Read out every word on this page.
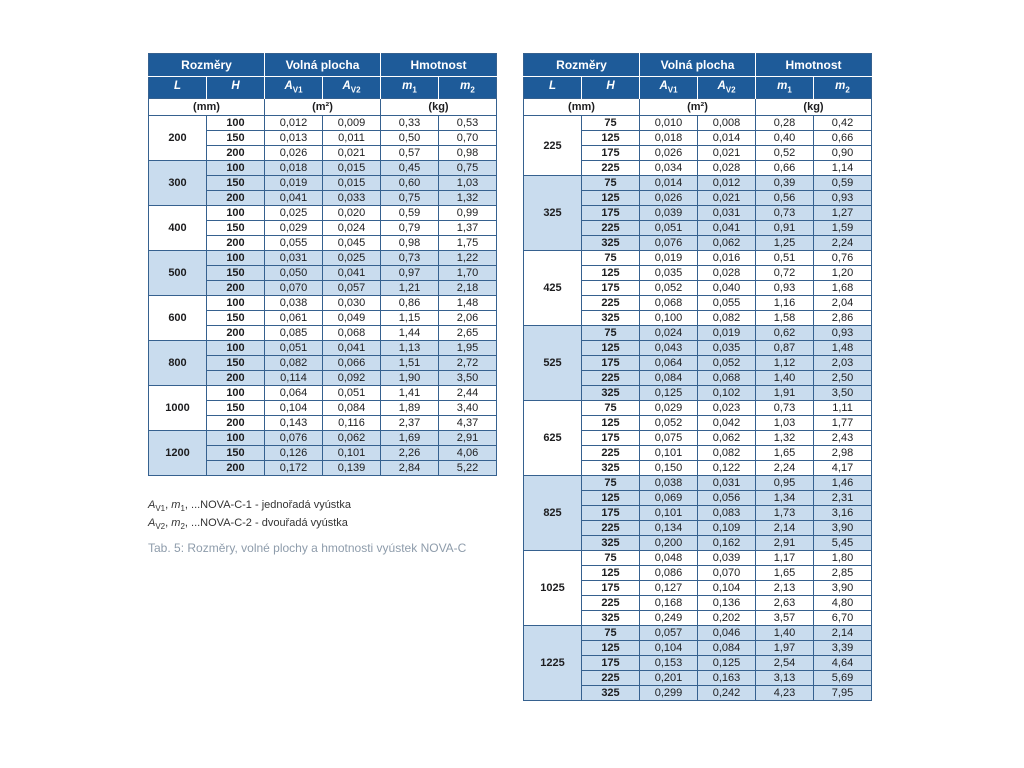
Rozměry		Volná plocha		Hmotnost	
L	H	$A_{V1}$	$A_{V2}$	$m_1$	$m_2$
(mm)		(m²)		(kg)	
200	100	0,012	0,009	0,33	0,53
	150	0,013	0,011	0,50	0,70
	200	0,026	0,021	0,57	0,98
300	100	0,018	0,015	0,45	0,75
	150	0,019	0,015	0,60	1,03
	200	0,041	0,033	0,75	1,32
400	100	0,025	0,020	0,59	0,99
	150	0,029	0,024	0,79	1,37
	200	0,055	0,045	0,98	1,75
500	100	0,031	0,025	0,73	1,22
	150	0,050	0,041	0,97	1,70
	200	0,070	0,057	1,21	2,18
600	100	0,038	0,030	0,86	1,48
	150	0,061	0,049	1,15	2,06
	200	0,085	0,068	1,44	2,65
800	100	0,051	0,041	1,13	1,95
	150	0,082	0,066	1,51	2,72
	200	0,114	0,092	1,90	3,50
1000	100	0,064	0,051	1,41	2,44
	150	0,104	0,084	1,89	3,40
	200	0,143	0,116	2,37	4,37
1200	100	0,076	0,062	1,69	2,91
	150	0,126	0,101	2,26	4,06
	200	0,172	0,139	2,84	5,22
Rozměry		Volná plocha		Hmotnost	
L	H	$A_{V1}$	$A_{V2}$	$m_1$	$m_2$
(mm)		(m²)		(kg)	
225	75	0,010	0,008	0,28	0,42
	125	0,018	0,014	0,40	0,66
	175	0,026	0,021	0,52	0,90
	225	0,034	0,028	0,66	1,14
325	75	0,014	0,012	0,39	0,59
	125	0,026	0,021	0,56	0,93
	175	0,039	0,031	0,73	1,27
	225	0,051	0,041	0,91	1,59
	325	0,076	0,062	1,25	2,24
425	75	0,019	0,016	0,51	0,76
	125	0,035	0,028	0,72	1,20
	175	0,052	0,040	0,93	1,68
	225	0,068	0,055	1,16	2,04
	325	0,100	0,082	1,58	2,86
525	75	0,024	0,019	0,62	0,93
	125	0,043	0,035	0,87	1,48
	175	0,064	0,052	1,12	2,03
	225	0,084	0,068	1,40	2,50
	325	0,125	0,102	1,91	3,50
625	75	0,029	0,023	0,73	1,11
	125	0,052	0,042	1,03	1,77
	175	0,075	0,062	1,32	2,43
	225	0,101	0,082	1,65	2,98
	325	0,150	0,122	2,24	4,17
825	75	0,038	0,031	0,95	1,46
	125	0,069	0,056	1,34	2,31
	175	0,101	0,083	1,73	3,16
	225	0,134	0,109	2,14	3,90
	325	0,200	0,162	2,91	5,45
1025	75	0,048	0,039	1,17	1,80
	125	0,086	0,070	1,65	2,85
	175	0,127	0,104	2,13	3,90
	225	0,168	0,136	2,63	4,80
	325	0,249	0,202	3,57	6,70
1225	75	0,057	0,046	1,40	2,14
	125	0,104	0,084	1,97	3,39
	175	0,153	0,125	2,54	4,64
	225	0,201	0,163	3,13	5,69
	325	0,299	0,242	4,23	7,95
$A_{V1}$, $m_1$, ...NOVA-C-1 - jednořadá vyústka
$A_{V2}$, $m_2$, ...NOVA-C-2 - dvouřadá vyústka
Tab. 5: Rozměry, volné plochy a hmotnosti vyústek NOVA-C
